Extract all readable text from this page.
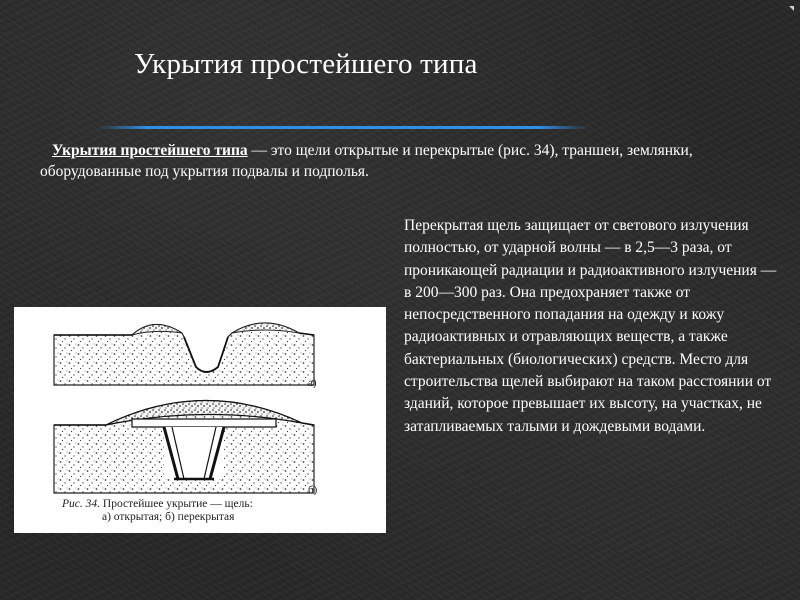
Укрытия простейшего типа
Укрытия простейшего типа — это щели открытые и перекрытые (рис. 34), траншеи, землянки, оборудованные под укрытия подвалы и подполья.
а)
б)
Рис. 34. Простейшее укрытие — щель:
а) открытая; б) перекрытая
Перекрытая щель защищает от светового излучения полностью, от ударной волны — в 2,5—3 раза, от проникающей радиации и радиоактивного излучения — в 200—300 раз. Она предохраняет также от непосредственного попадания на одежду и кожу радиоактивных и отравляющих веществ, а также бактериальных (биологических) средств. Место для строительства щелей выбирают на таком расстоянии от зданий, которое превышает их высоту, на участках, не затапливаемых талыми и дождевыми водами.
